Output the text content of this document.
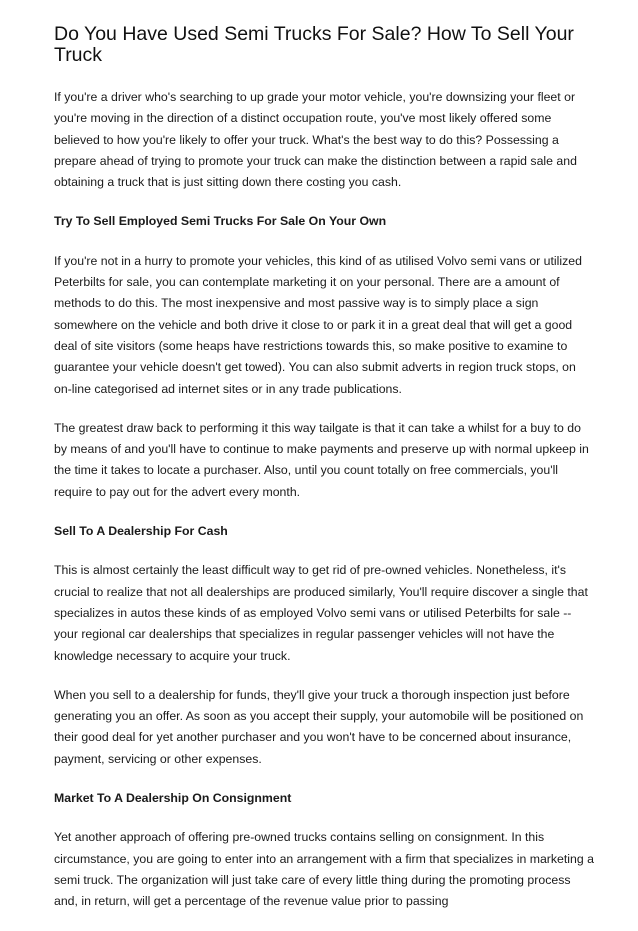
Do You Have Used Semi Trucks For Sale? How To Sell Your Truck

If you're a driver who's searching to up grade your motor vehicle, you're downsizing your fleet or you're moving in the direction of a distinct occupation route, you've most likely offered some believed to how you're likely to offer your truck. What's the best way to do this? Possessing a prepare ahead of trying to promote your truck can make the distinction between a rapid sale and obtaining a truck that is just sitting down there costing you cash.

Try To Sell Employed Semi Trucks For Sale On Your Own

If you're not in a hurry to promote your vehicles, this kind of as utilised Volvo semi vans or utilized Peterbilts for sale, you can contemplate marketing it on your personal. There are a amount of methods to do this. The most inexpensive and most passive way is to simply place a sign somewhere on the vehicle and both drive it close to or park it in a great deal that will get a good deal of site visitors (some heaps have restrictions towards this, so make positive to examine to guarantee your vehicle doesn't get towed). You can also submit adverts in region truck stops, on on-line categorised ad internet sites or in any trade publications.

The greatest draw back to performing it this way tailgate is that it can take a whilst for a buy to do by means of and you'll have to continue to make payments and preserve up with normal upkeep in the time it takes to locate a purchaser. Also, until you count totally on free commercials, you'll require to pay out for the advert every month.

Sell To A Dealership For Cash

This is almost certainly the least difficult way to get rid of pre-owned vehicles. Nonetheless, it's crucial to realize that not all dealerships are produced similarly, You'll require discover a single that specializes in autos these kinds of as employed Volvo semi vans or utilised Peterbilts for sale -- your regional car dealerships that specializes in regular passenger vehicles will not have the knowledge necessary to acquire your truck.

When you sell to a dealership for funds, they'll give your truck a thorough inspection just before generating you an offer. As soon as you accept their supply, your automobile will be positioned on their good deal for yet another purchaser and you won't have to be concerned about insurance, payment, servicing or other expenses.

Market To A Dealership On Consignment

Yet another approach of offering pre-owned trucks contains selling on consignment. In this circumstance, you are going to enter into an arrangement with a firm that specializes in marketing a semi truck. The organization will just take care of every little thing during the promoting process and, in return, will get a percentage of the revenue value prior to passing
